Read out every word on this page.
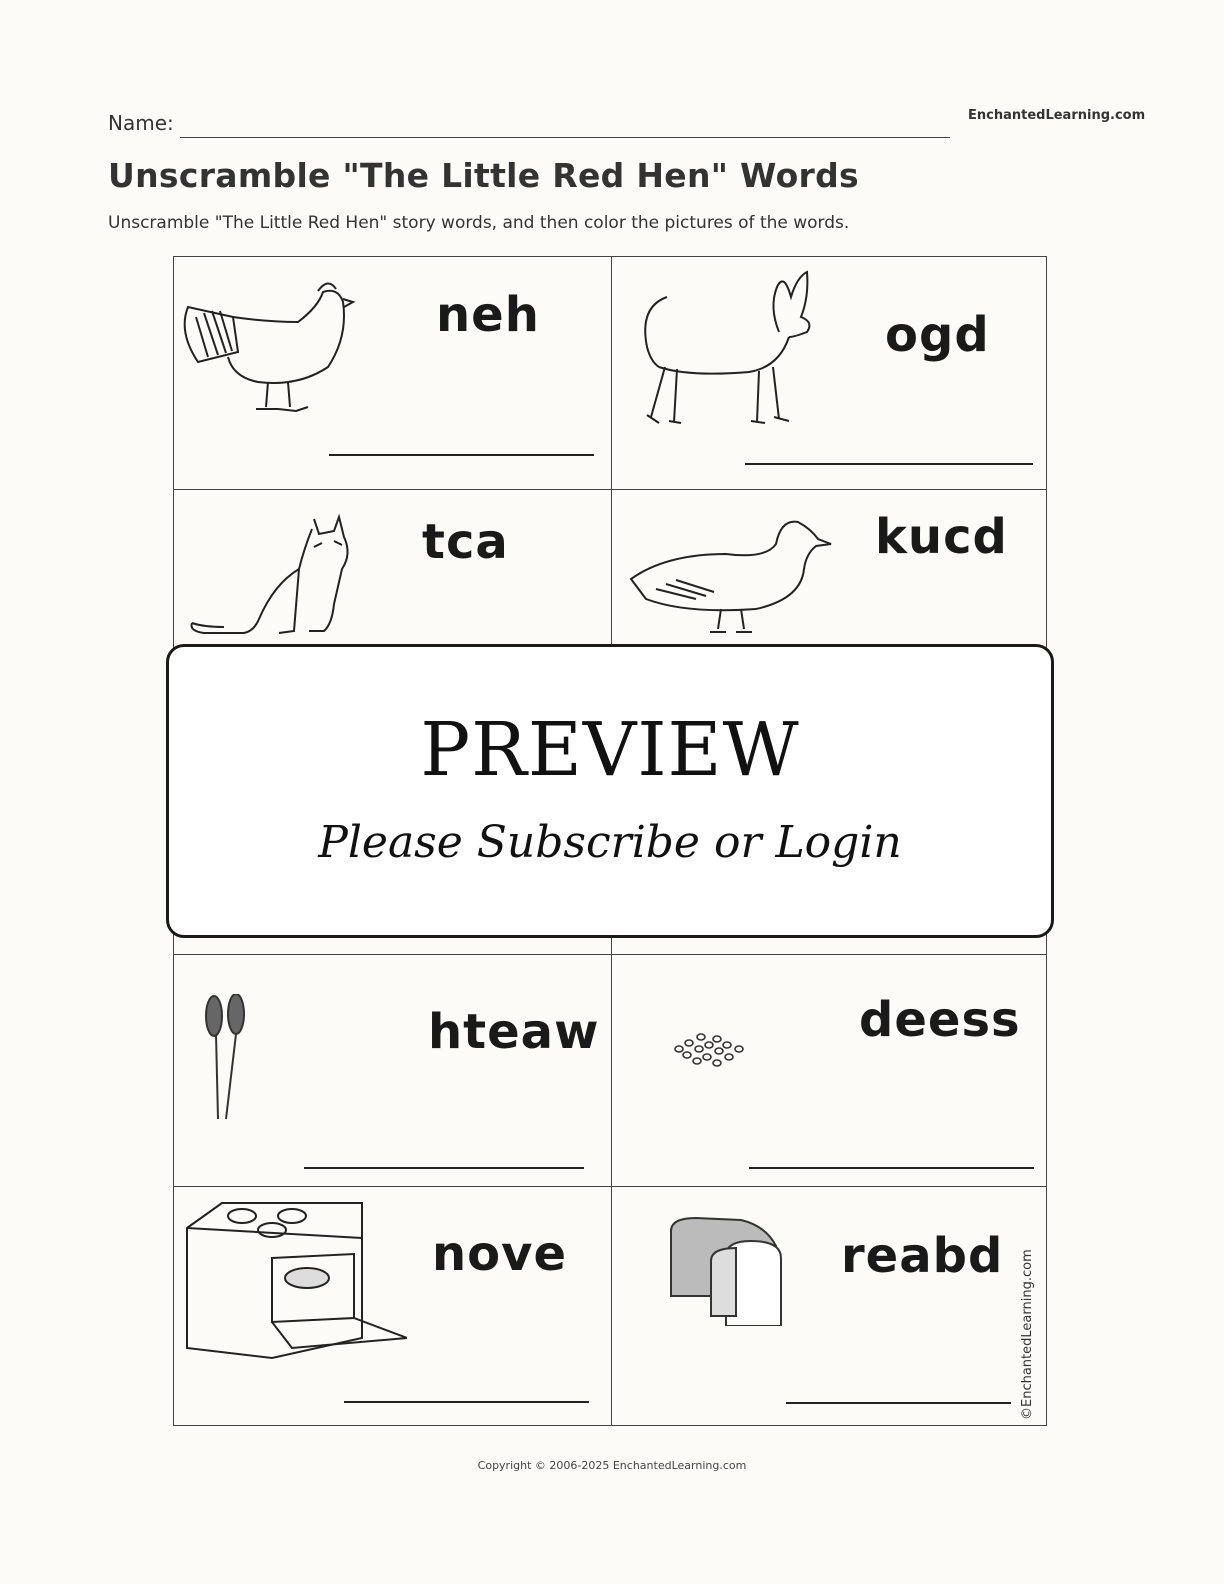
Name:	EnchantedLearning.com
Unscramble "The Little Red Hen" Words
Unscramble "The Little Red Hen" story words, and then color the pictures of the words.
neh	ogd
tca	kucd
hteaw	deess
nove	reabd ©EnchantedLearning.com
PREVIEW
Please Subscribe or Login
Copyright © 2006-2025 EnchantedLearning.com
